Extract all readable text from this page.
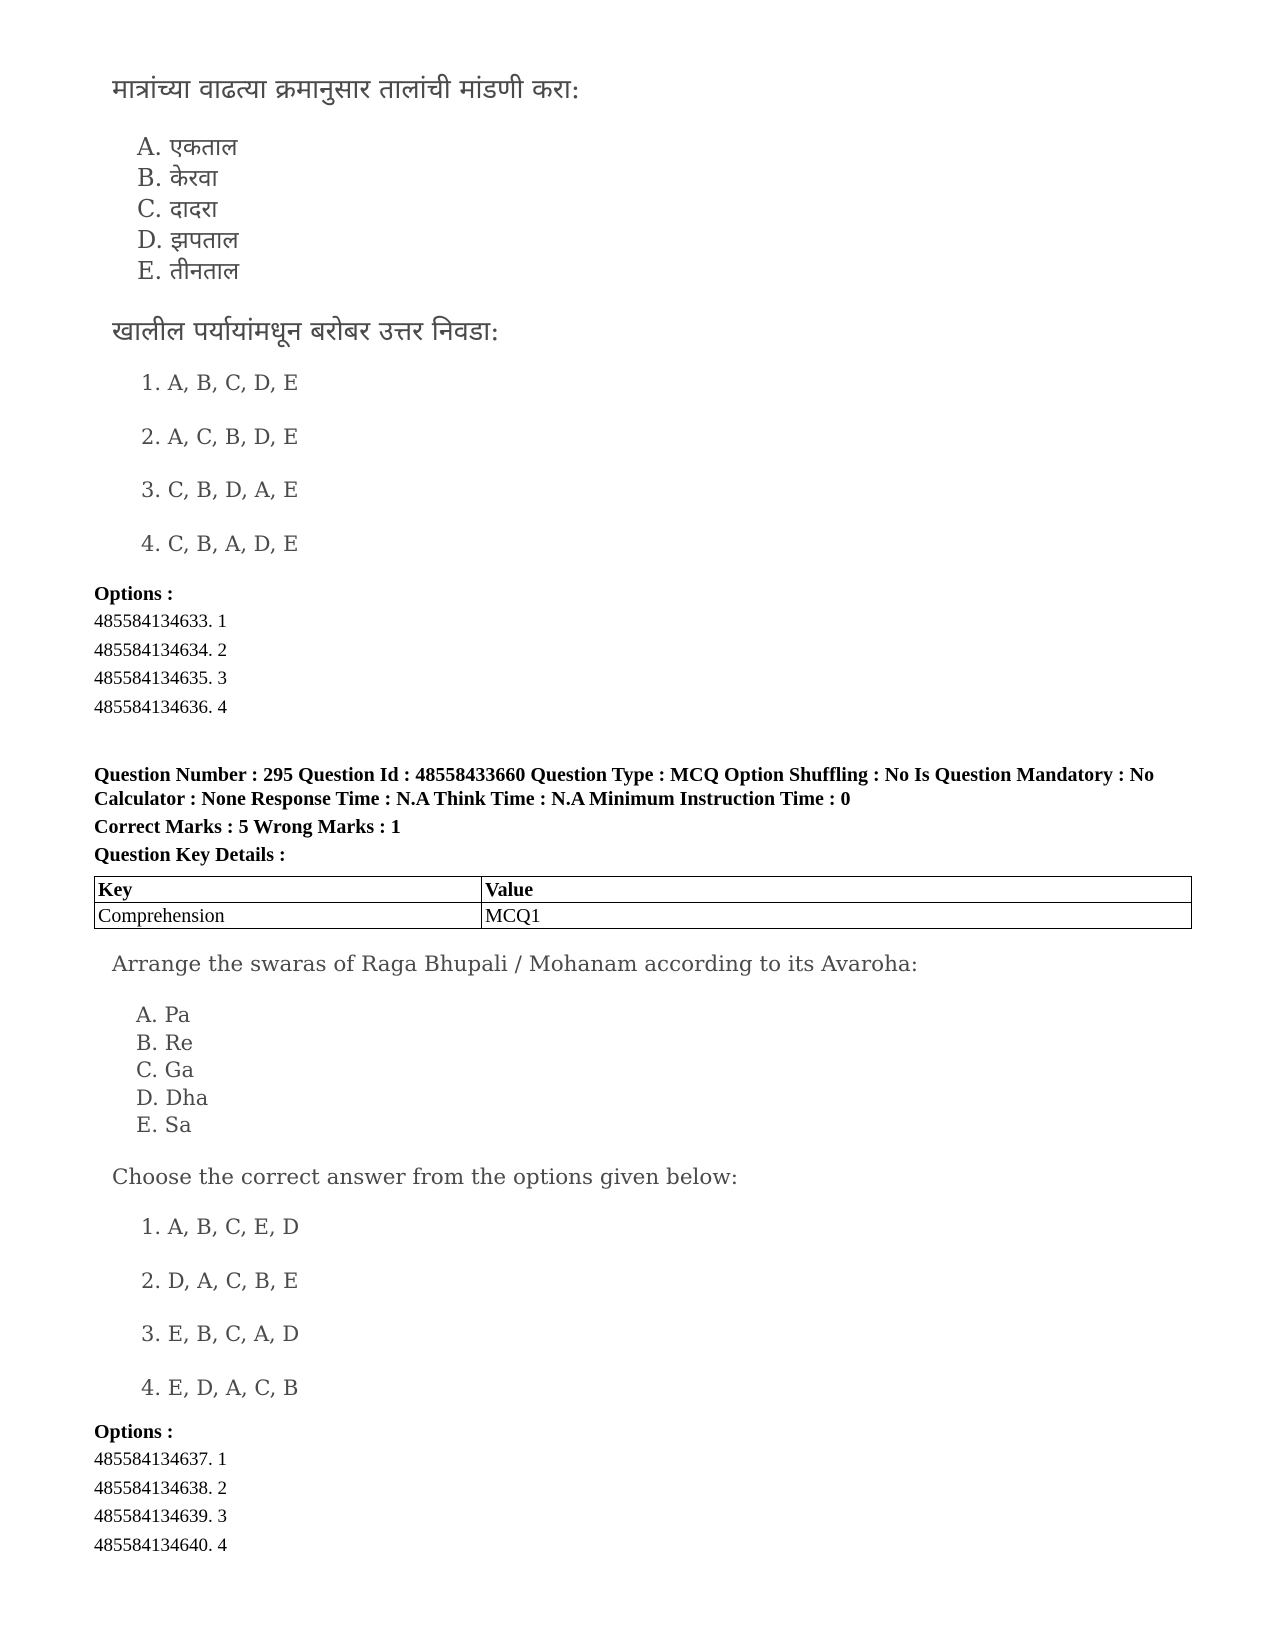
मात्रांच्या वाढत्या क्रमानुसार तालांची मांडणी करा:
A. एकताल
B. केरवा
C. दादरा
D. झपताल
E. तीनताल
खालील पर्यायांमधून बरोबर उत्तर निवडा:
1. A, B, C, D, E
2. A, C, B, D, E
3. C, B, D, A, E
4. C, B, A, D, E
Options :
485584134633. 1
485584134634. 2
485584134635. 3
485584134636. 4
Question Number : 295 Question Id : 48558433660 Question Type : MCQ Option Shuffling : No Is Question Mandatory : No Calculator : None Response Time : N.A Think Time : N.A Minimum Instruction Time : 0
Correct Marks : 5 Wrong Marks : 1
Question Key Details :
Key	Value
Comprehension	MCQ1
Arrange the swaras of Raga Bhupali / Mohanam according to its Avaroha:
A. Pa
B. Re
C. Ga
D. Dha
E. Sa
Choose the correct answer from the options given below:
1. A, B, C, E, D
2. D, A, C, B, E
3. E, B, C, A, D
4. E, D, A, C, B
Options :
485584134637. 1
485584134638. 2
485584134639. 3
485584134640. 4
